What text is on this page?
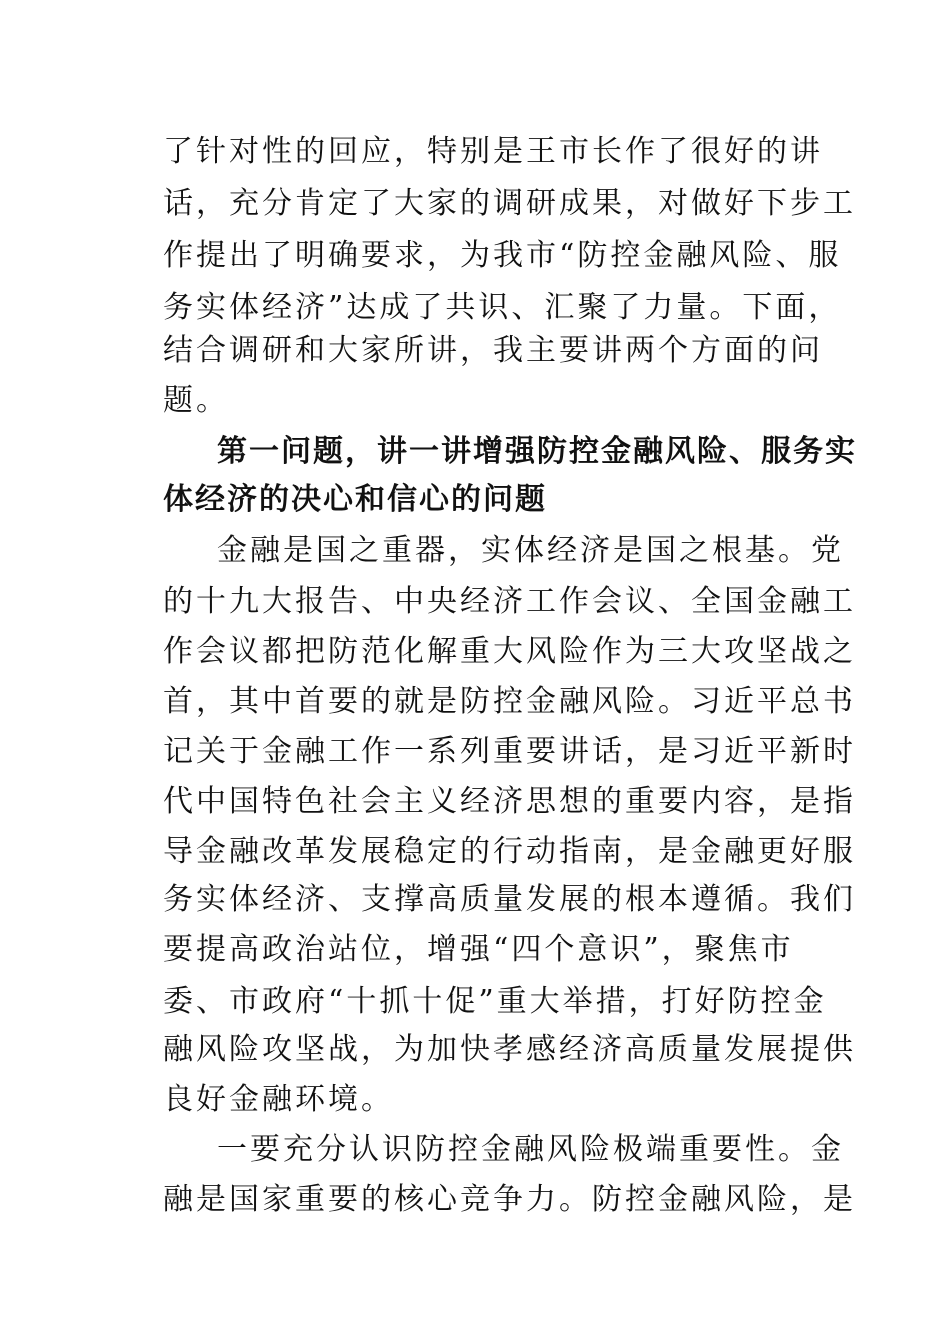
了针对性的回应，特别是王市长作了很好的讲
话，充分肯定了大家的调研成果，对做好下步工
作提出了明确要求，为我市“防控金融风险、服
务实体经济”达成了共识、汇聚了力量。下面，
结合调研和大家所讲，我主要讲两个方面的问
题。
第一问题，讲一讲增强防控金融风险、服务实
体经济的决心和信心的问题
金融是国之重器，实体经济是国之根基。党
的十九大报告、中央经济工作会议、全国金融工
作会议都把防范化解重大风险作为三大攻坚战之
首，其中首要的就是防控金融风险。习近平总书
记关于金融工作一系列重要讲话，是习近平新时
代中国特色社会主义经济思想的重要内容，是指
导金融改革发展稳定的行动指南，是金融更好服
务实体经济、支撑高质量发展的根本遵循。我们
要提高政治站位，增强“四个意识”，聚焦市
委、市政府“十抓十促”重大举措，打好防控金
融风险攻坚战，为加快孝感经济高质量发展提供
良好金融环境。
一要充分认识防控金融风险极端重要性。金
融是国家重要的核心竞争力。防控金融风险，是
